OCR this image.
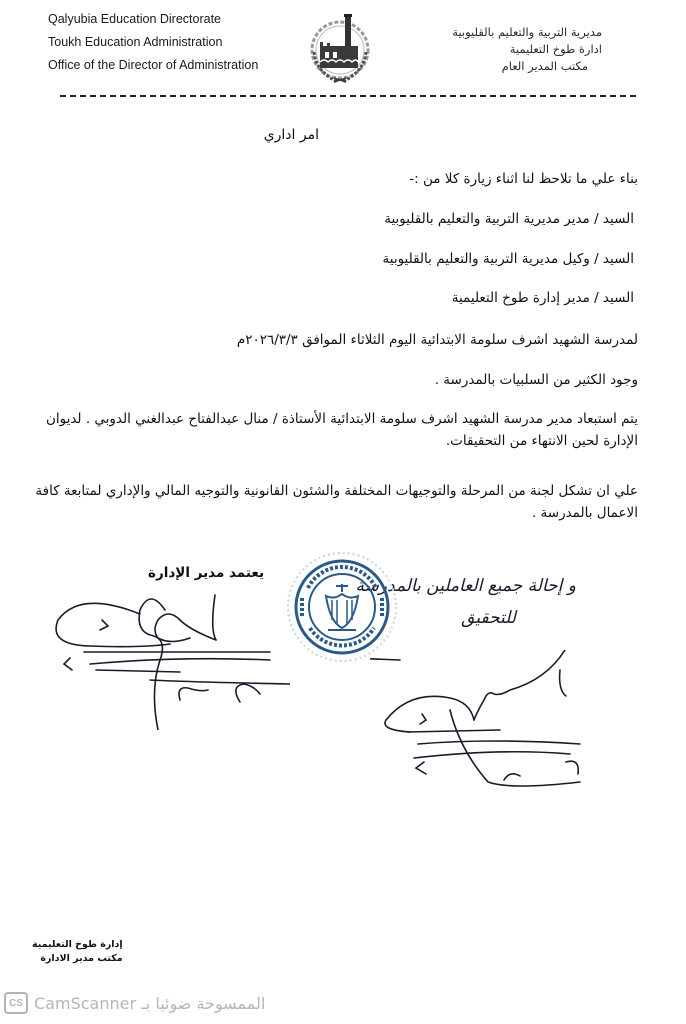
Qalyubia Education Directorate
Toukh Education Administration
Office of the Director of Administration
مديرية التربية والتعليم بالقليوبية
ادارة طوخ التعليمية
مكتب المدير العام
امر اداري
بناء علي ما تلاحظ لنا اثناء زيارة كلا من :-
السيد / مدير مديرية التربية والتعليم بالقليوبية
السيد / وكيل مديرية التربية والتعليم بالقليوبية
السيد / مدير إدارة طوخ التعليمية
لمدرسة الشهيد اشرف سلومة الابتدائية اليوم الثلاثاء الموافق ٢٠٢٦/٣/٣م
وجود الكثير من السلبيات بالمدرسة .
يتم استبعاد مدير مدرسة الشهيد اشرف سلومة الابتدائية الأستاذة / منال عبدالفتاح عبدالغني الدوبي . لديوان الإدارة لحين الانتهاء من التحقيقات.
علي ان تشكل لجنة من المرحلة والتوجيهات المختلفة والشئون القانونية والتوجيه المالي والإداري لمتابعة كافة الاعمال بالمدرسة .
يعتمد مدير الإدارة
و إحالة جميع العاملين بالمدرسة
للتحقيق
إدارة طوخ التعليمية
مكتب مدير الادارة
CS الممسوحة ضوئيا بـ CamScanner
